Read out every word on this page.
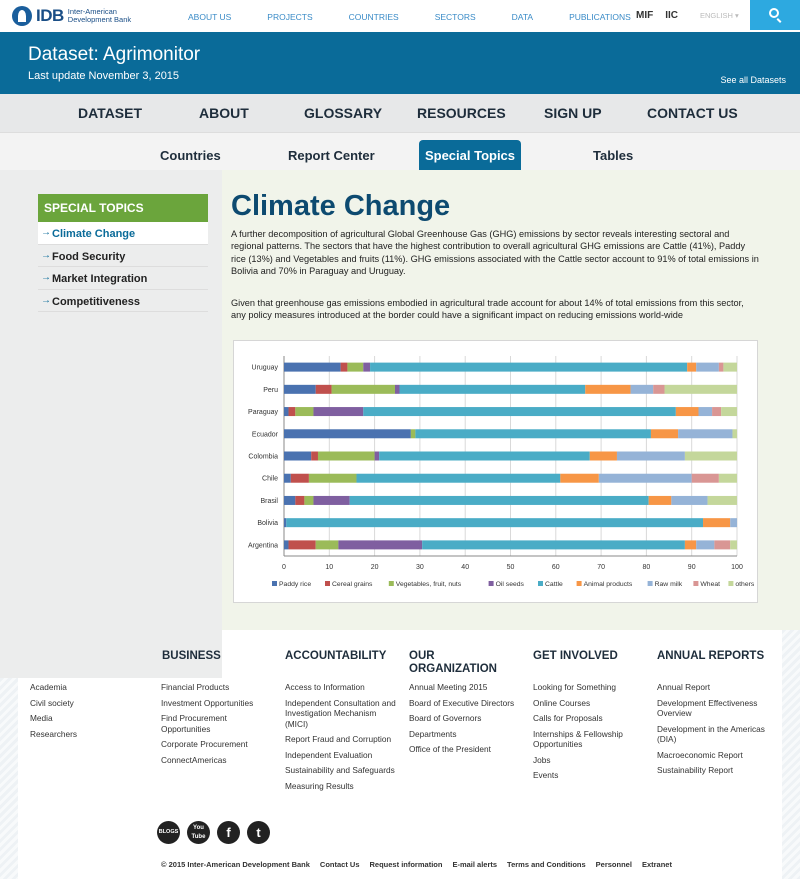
IDB Inter-American Development Bank	ABOUT US	PROJECTS	COUNTRIES	SECTORS	DATA	PUBLICATIONS MIF IIC	ENGLISH ▾
Dataset: Agrimonitor
Last update November 3, 2015	See all Datasets
DATASET	ABOUT	GLOSSARY RESOURCES	SIGN UP	CONTACT US
Countries	Report Center	Special Topics	Tables
SPECIAL TOPICS
→ Climate Change
→ Food Security
→ Market Integration
→ Competitiveness
Climate Change
A further decomposition of agricultural Global Greenhouse Gas (GHG) emissions by sector reveals interesting sectoral and regional patterns. The sectors that have the highest contribution to overall agricultural GHG emissions are Cattle (41%), Paddy rice (13%) and Vegetables and fruits (11%). GHG emissions associated with the Cattle sector account to 91% of total emissions in Bolivia and 70% in Paraguay and Uruguay.
Given that greenhouse gas emissions embodied in agricultural trade account for about 14% of total emissions from this sector, any policy measures introduced at the border could have a significant impact on reducing emissions world-wide
0	10	20	30	40	50	60	70	80	90	100
Uruguay
Peru
Paraguay
Ecuador
Colombia
Chile
Brasil
Bolivia
Argentina
Paddy rice	Cereal grains	Vegetables, fruit, nuts	Oil seeds	Cattle	Animal products	Raw milk	Wheat others
Academia
Civil society
Media
Researchers
BUSINESS
Financial Products
Investment Opportunities
Find Procurement Opportunities
Corporate Procurement
ConnectAmericas
ACCOUNTABILITY
Access to Information
Independent Consultation and Investigation Mechanism (MICI)
Report Fraud and Corruption
Independent Evaluation
Sustainability and Safeguards
Measuring Results
OUR ORGANIZATION
Annual Meeting 2015
Board of Executive Directors
Board of Governors
Departments
Office of the President
GET INVOLVED
Looking for Something
Online Courses
Calls for Proposals
Internships & Fellowship Opportunities
Jobs
Events
ANNUAL REPORTS
Annual Report
Development Effectiveness Overview
Development in the Americas (DIA)
Macroeconomic Report
Sustainability Report
BLOGS
You Tube	f	t
© 2015 Inter-American Development Bank Contact Us Request information E-mail alerts Terms and Conditions Personnel Extranet
